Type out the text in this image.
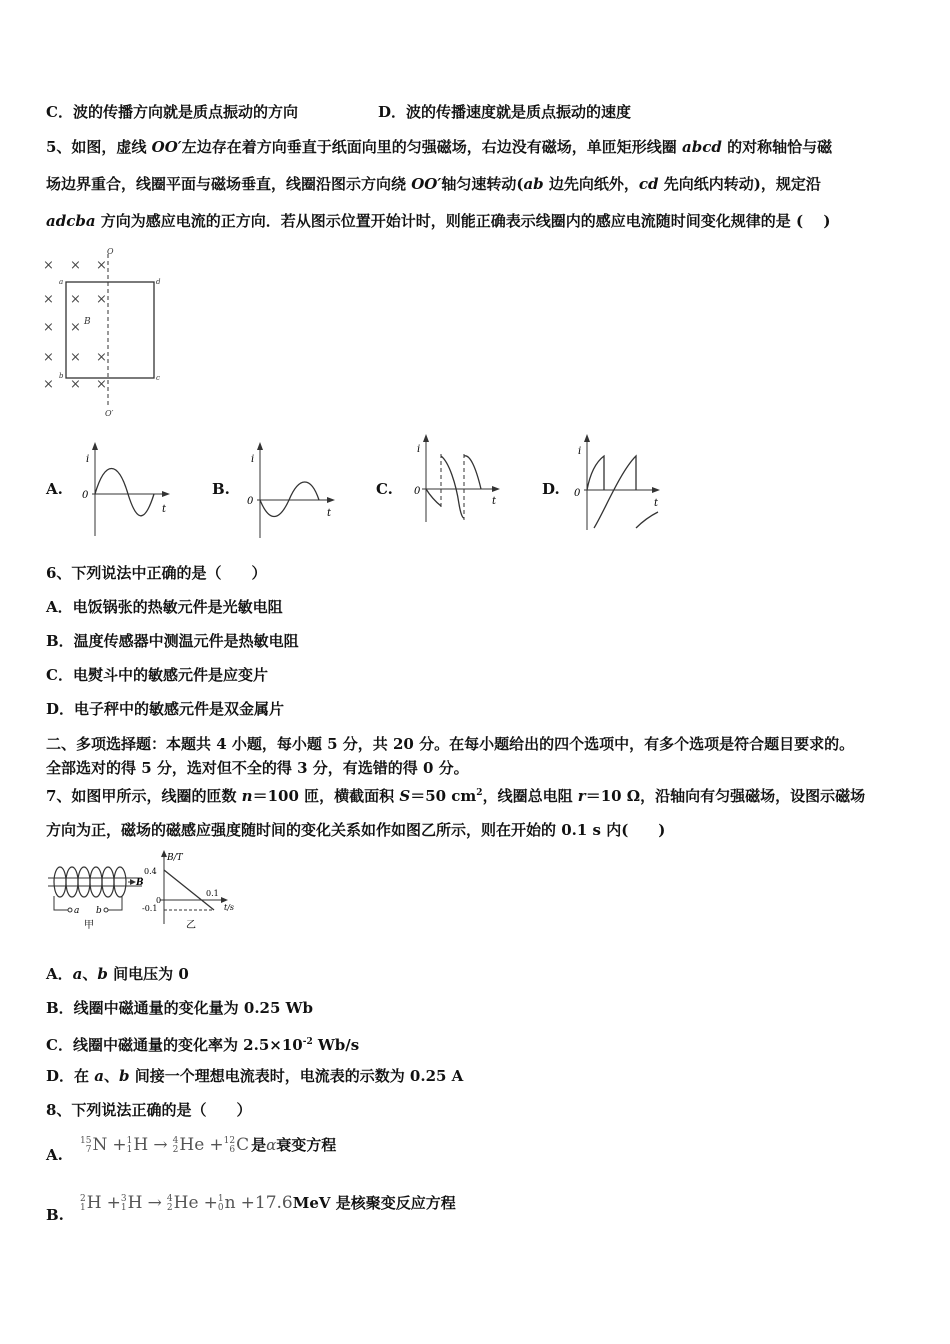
C．波的传播方向就是质点振动的方向	D．波的传播速度就是质点振动的速度
5、如图，虚线 OO′左边存在着方向垂直于纸面向里的匀强磁场，右边没有磁场，单匝矩形线圈 abcd 的对称轴恰与磁
场边界重合，线圈平面与磁场垂直，线圈沿图示方向绕 OO′轴匀速转动(ab 边先向纸外，cd 先向纸内转动)，规定沿
adcba 方向为感应电流的正方向．若从图示位置开始计时，则能正确表示线圈内的感应电流随时间变化规律的是 (　 )
× × ×
× × ×
× ×
× × ×
× × ×
B
O
O′
a
b
d
c
A.
i
0
t
B.
i
0
t
C.
i
0
t
D.
i
0
t
6、下列说法中正确的是（　　）
A．电饭锅张的热敏元件是光敏电阻
B．温度传感器中测温元件是热敏电阻
C．电熨斗中的敏感元件是应变片
D．电子秤中的敏感元件是双金属片
二、多项选择题：本题共 4 小题，每小题 5 分，共 20 分。在每小题给出的四个选项中，有多个选项是符合题目要求的。
全部选对的得 5 分，选对但不全的得 3 分，有选错的得 0 分。
7、如图甲所示，线圈的匝数 n＝100 匝，横截面积 S＝50 $cm^2$，线圈总电阻 r＝10 Ω，沿轴向有匀强磁场，设图示磁场
方向为正，磁场的磁感应强度随时间的变化关系如作如图乙所示，则在开始的 0.1 s 内(　　)
B
a b
甲
B/T
0.4
0
-0.1
0.1
t/s
乙
A．a、b 间电压为 0
B．线圈中磁通量的变化量为 0.25 Wb
C．线圈中磁通量的变化率为 $2.5\times 10^{-2}$ Wb/s
D．在 a、b 间接一个理想电流表时，电流表的示数为 0.25 A
8、下列说法正确的是（　　）
A.
15
7N +1
1H → 4
2He +12
6C 是α衰变方程
B.
2
1H +3
1H → 4
2He +1
0n +17.6MeV 是核聚变反应方程
